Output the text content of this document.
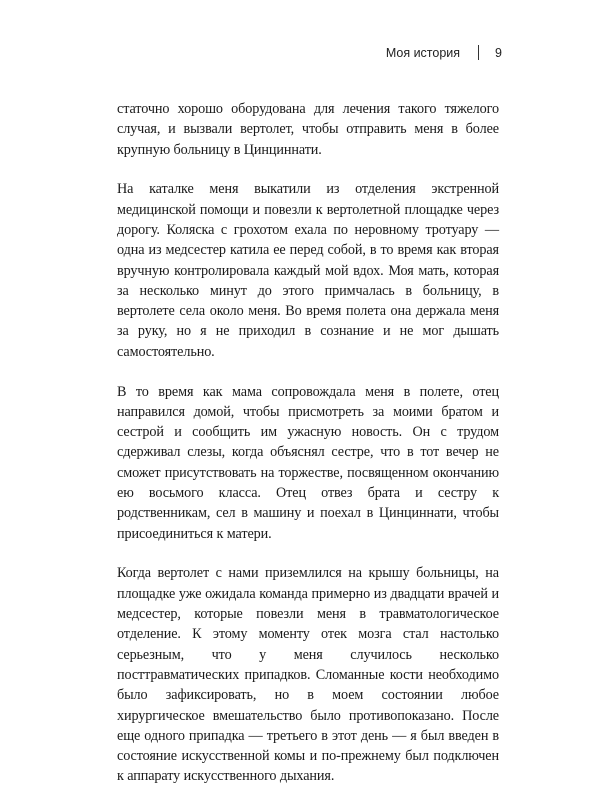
Моя история	9

статочно хорошо оборудована для лечения такого тяжелого случая, и вызвали вертолет, чтобы отправить меня в более крупную больницу в Цинциннати.

На каталке меня выкатили из отделения экстренной медицинской помощи и повезли к вертолетной площадке через дорогу. Коляска с грохотом ехала по неровному тротуару — одна из медсестер катила ее перед собой, в то время как вторая вручную контролировала каждый мой вдох. Моя мать, которая за несколько минут до этого примчалась в больницу, в вертолете села около меня. Во время полета она держала меня за руку, но я не приходил в сознание и не мог дышать самостоятельно.

В то время как мама сопровождала меня в полете, отец направился домой, чтобы присмотреть за моими братом и сестрой и сообщить им ужасную новость. Он с трудом сдерживал слезы, когда объяснял сестре, что в тот вечер не сможет присутствовать на торжестве, посвященном окончанию ею восьмого класса. Отец отвез брата и сестру к родственникам, сел в машину и поехал в Цинциннати, чтобы присоединиться к матери.

Когда вертолет с нами приземлился на крышу больницы, на площадке уже ожидала команда примерно из двадцати врачей и медсестер, которые повезли меня в травматологическое отделение. К этому моменту отек мозга стал настолько серьезным, что у меня случилось несколько посттравматических припадков. Сломанные кости необходимо было зафиксировать, но в моем состоянии любое хирургическое вмешательство было противопоказано. После еще одного припадка — третьего в этот день — я был введен в состояние искусственной комы и по-прежнему был подключен к аппарату искусственного дыхания.
